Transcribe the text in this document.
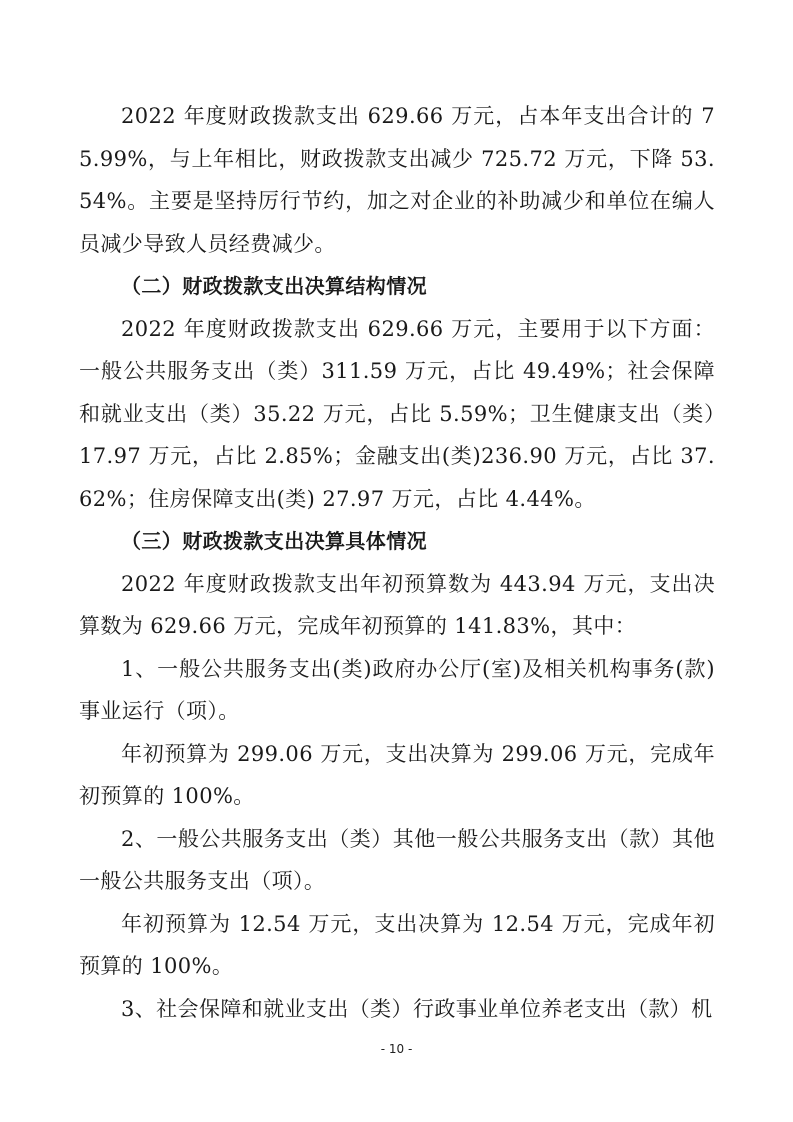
2022 年度财政拨款支出 629.66 万元，占本年支出合计的 75.99%，与上年相比，财政拨款支出减少 725.72 万元，下降 53.54%。主要是坚持厉行节约，加之对企业的补助减少和单位在编人员减少导致人员经费减少。

（二）财政拨款支出决算结构情况

2022 年度财政拨款支出 629.66 万元，主要用于以下方面：一般公共服务支出（类）311.59 万元，占比 49.49%；社会保障和就业支出（类）35.22 万元，占比 5.59%；卫生健康支出（类）17.97 万元，占比 2.85%；金融支出(类)236.90 万元，占比 37.62%；住房保障支出(类) 27.97 万元，占比 4.44%。

（三）财政拨款支出决算具体情况

2022 年度财政拨款支出年初预算数为 443.94 万元，支出决算数为 629.66 万元，完成年初预算的 141.83%，其中：

1、一般公共服务支出(类)政府办公厅(室)及相关机构事务(款)事业运行（项）。

年初预算为 299.06 万元，支出决算为 299.06 万元，完成年初预算的 100%。

2、一般公共服务支出（类）其他一般公共服务支出（款）其他一般公共服务支出（项）。

年初预算为 12.54 万元，支出决算为 12.54 万元，完成年初预算的 100%。

3、社会保障和就业支出（类）行政事业单位养老支出（款）机

- 10 -
